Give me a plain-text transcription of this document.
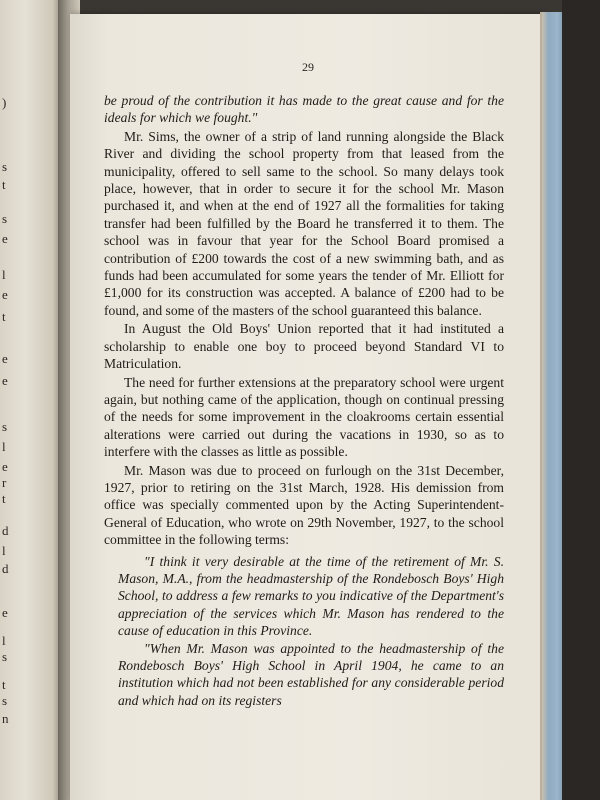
)
s
t
s
e
l
e
t
e
e
s
l
e
r
t
d
l
d
e
l
s
t
s
n
29

be proud of the contribution it has made to the great cause and for the ideals for which we fought."

Mr. Sims, the owner of a strip of land running alongside the Black River and dividing the school property from that leased from the municipality, offered to sell same to the school. So many delays took place, however, that in order to secure it for the school Mr. Mason purchased it, and when at the end of 1927 all the formalities for taking transfer had been fulfilled by the Board he transferred it to them. The school was in favour that year for the School Board promised a contribution of £200 towards the cost of a new swimming bath, and as funds had been accumulated for some years the tender of Mr. Elliott for £1,000 for its construction was accepted. A balance of £200 had to be found, and some of the masters of the school guaranteed this balance.

In August the Old Boys' Union reported that it had instituted a scholarship to enable one boy to proceed beyond Standard VI to Matriculation.

The need for further extensions at the preparatory school were urgent again, but nothing came of the application, though on continual pressing of the needs for some improvement in the cloakrooms certain essential alterations were carried out during the vacations in 1930, so as to interfere with the classes as little as possible.

Mr. Mason was due to proceed on furlough on the 31st December, 1927, prior to retiring on the 31st March, 1928. His demission from office was specially commented upon by the Acting Superintendent-General of Education, who wrote on 29th November, 1927, to the school committee in the following terms:

"I think it very desirable at the time of the retirement of Mr. S. Mason, M.A., from the headmastership of the Rondebosch Boys' High School, to address a few remarks to you indicative of the Department's appreciation of the services which Mr. Mason has rendered to the cause of education in this Province.

"When Mr. Mason was appointed to the headmastership of the Rondebosch Boys' High School in April 1904, he came to an institution which had not been established for any considerable period and which had on its registers
